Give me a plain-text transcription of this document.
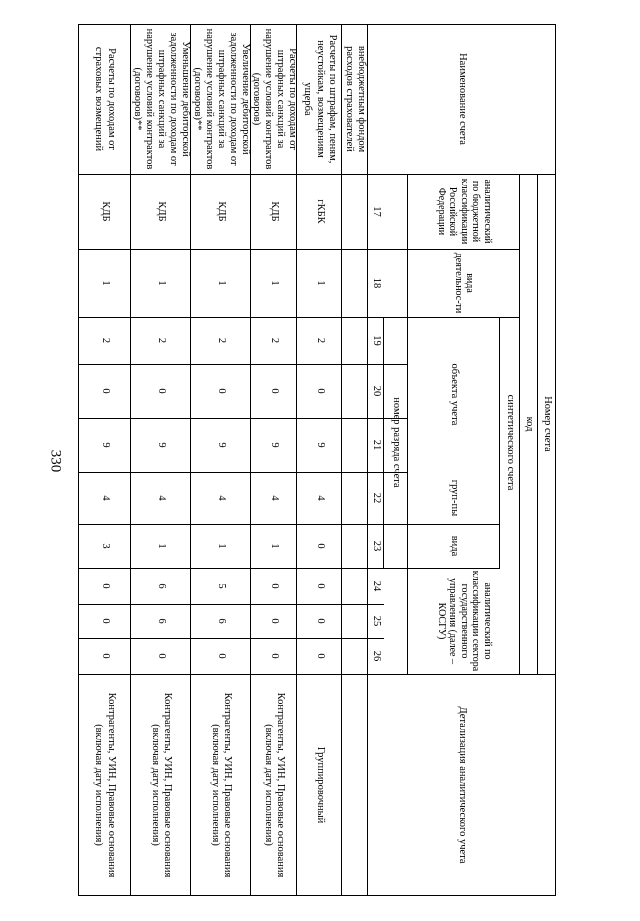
330
Наименование счета
Номер счета
код
аналитический по бюджетной классификации Российской Федерации
вида деятельнос-ти
синтетического счета
объекта учета
груп-пы
вида
аналитический по классификации сектора государственного управления (далее – КОСГУ)
номер разряда счета
Детализация аналитического учета
17
18
19
20
21
22
23
24
25
26
внебюджетным фондом расходов страхователей
Расчеты по штрафам, пеням, неустойкам, возмещениям ущерба
гКБК
1
2
0
9
4
0
0
0
0
Группировочный
Расчеты по доходам от штрафных санкций за нарушение условий контрактов (договоров)
КДБ
1
2
0
9
4
1
0
0
0
Контрагенты, УИН, Правовые основания (включая дату исполнения)
Увеличение дебиторской задолженности по доходам от штрафных санкций за нарушение условий контрактов (договоров)**
КДБ
1
2
0
9
4
1
5
6
0
Контрагенты, УИН, Правовые основания (включая дату исполнения)
Уменьшение дебиторской задолженности по доходам от штрафных санкций за нарушение условий контрактов (договоров)**
КДБ
1
2
0
9
4
1
6
6
0
Контрагенты, УИН, Правовые основания (включая дату исполнения)
Расчеты по доходам от страховых возмещений
КДБ
1
2
0
9
4
3
0
0
0
Контрагенты, УИН, Правовые основания (включая дату исполнения)
